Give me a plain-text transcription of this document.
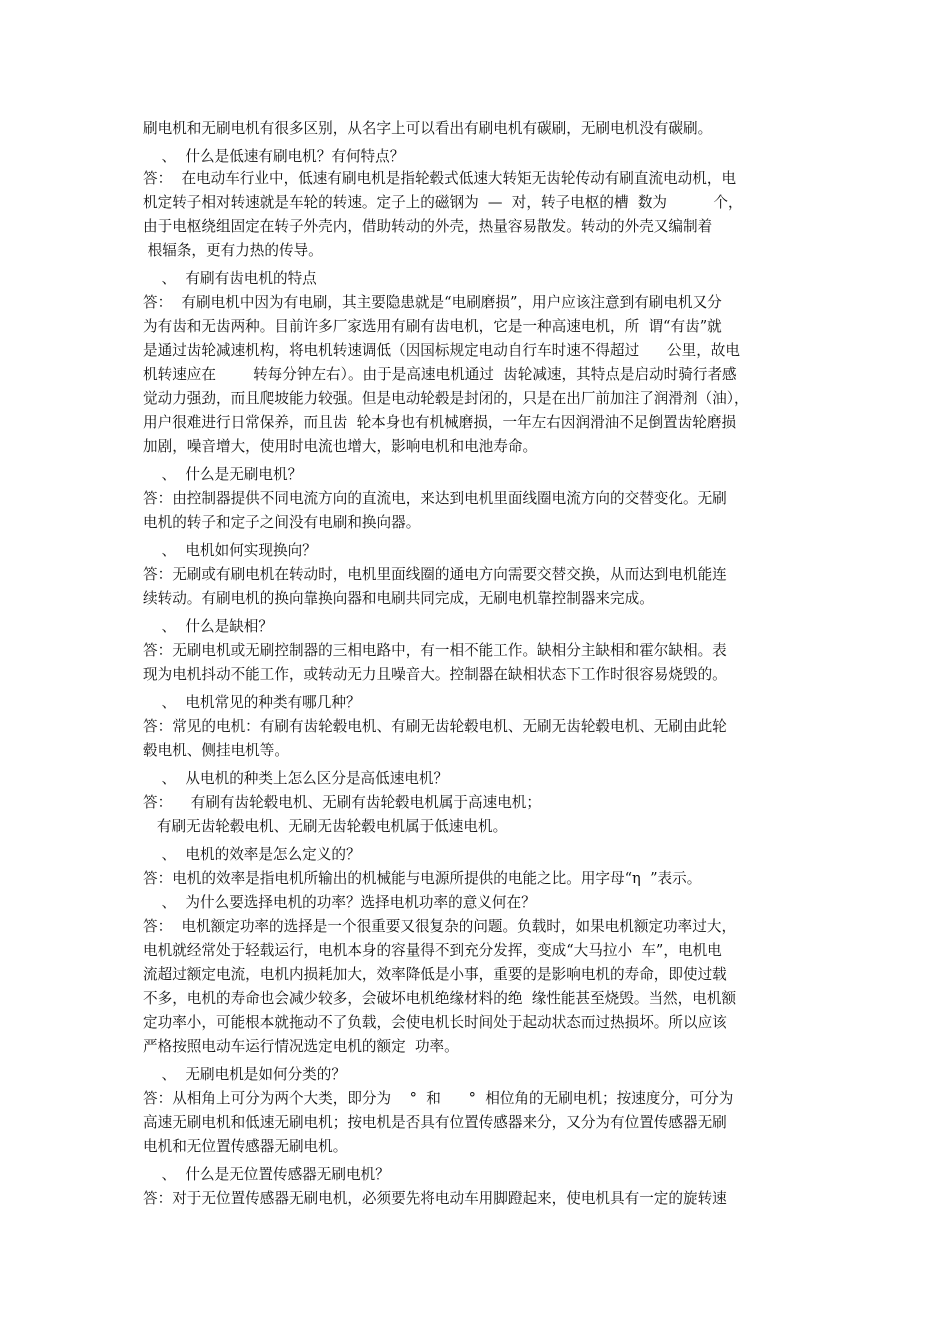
刷电机和无刷电机有很多区别，从名字上可以看出有刷电机有碳刷，无刷电机没有碳刷。
、  什么是低速有刷电机？有何特点？
答：  在电动车行业中，低速有刷电机是指轮毂式低速大转矩无齿轮传动有刷直流电动机，电
机定转子相对转速就是车轮的转速。定子上的磁钢为  —  对，转子电枢的槽  数为          个，
由于电枢绕组固定在转子外壳内，借助转动的外壳，热量容易散发。转动的外壳又编制着
根辐条，更有力热的传导。
、  有刷有齿电机的特点
答：  有刷电机中因为有电刷，其主要隐患就是“电刷磨损”，用户应该注意到有刷电机又分
为有齿和无齿两种。目前许多厂家选用有刷有齿电机，它是一种高速电机，所  谓“有齿”就
是通过齿轮减速机构，将电机转速调低（因国标规定电动自行车时速不得超过      公里，故电
机转速应在        转每分钟左右）。由于是高速电机通过  齿轮减速，其特点是启动时骑行者感
觉动力强劲，而且爬坡能力较强。但是电动轮毂是封闭的，只是在出厂前加注了润滑剂（油），
用户很难进行日常保养，而且齿  轮本身也有机械磨损，一年左右因润滑油不足倒置齿轮磨损
加剧，噪音增大，使用时电流也增大，影响电机和电池寿命。
、  什么是无刷电机？
答：由控制器提供不同电流方向的直流电，来达到电机里面线圈电流方向的交替变化。无刷
电机的转子和定子之间没有电刷和换向器。
、  电机如何实现换向？
答：无刷或有刷电机在转动时，电机里面线圈的通电方向需要交替交换，从而达到电机能连
续转动。有刷电机的换向靠换向器和电刷共同完成，无刷电机靠控制器来完成。
、  什么是缺相？
答：无刷电机或无刷控制器的三相电路中，有一相不能工作。缺相分主缺相和霍尔缺相。表
现为电机抖动不能工作，或转动无力且噪音大。控制器在缺相状态下工作时很容易烧毁的。
、  电机常见的种类有哪几种？
答：常见的电机：有刷有齿轮毂电机、有刷无齿轮毂电机、无刷无齿轮毂电机、无刷由此轮
毂电机、侧挂电机等。
、  从电机的种类上怎么区分是高低速电机？
答：    有刷有齿轮毂电机、无刷有齿轮毂电机属于高速电机；
有刷无齿轮毂电机、无刷无齿轮毂电机属于低速电机。
、  电机的效率是怎么定义的？
答：电机的效率是指电机所输出的机械能与电源所提供的电能之比。用字母“η  ”表示。
、  为什么要选择电机的功率？选择电机功率的意义何在？
答：  电机额定功率的选择是一个很重要又很复杂的问题。负载时，如果电机额定功率过大，
电机就经常处于轻载运行，电机本身的容量得不到充分发挥，变成“大马拉小  车”，电机电
流超过额定电流，电机内损耗加大，效率降低是小事，重要的是影响电机的寿命，即使过载
不多，电机的寿命也会减少较多，会破坏电机绝缘材料的绝  缘性能甚至烧毁。当然，电机额
定功率小，可能根本就拖动不了负载，会使电机长时间处于起动状态而过热损坏。所以应该
严格按照电动车运行情况选定电机的额定  功率。
、  无刷电机是如何分类的？
答：从相角上可分为两个大类，即分为    °  和      °  相位角的无刷电机；按速度分，可分为
高速无刷电机和低速无刷电机；按电机是否具有位置传感器来分，又分为有位置传感器无刷
电机和无位置传感器无刷电机。
、  什么是无位置传感器无刷电机？
答：对于无位置传感器无刷电机，必须要先将电动车用脚蹬起来，使电机具有一定的旋转速
